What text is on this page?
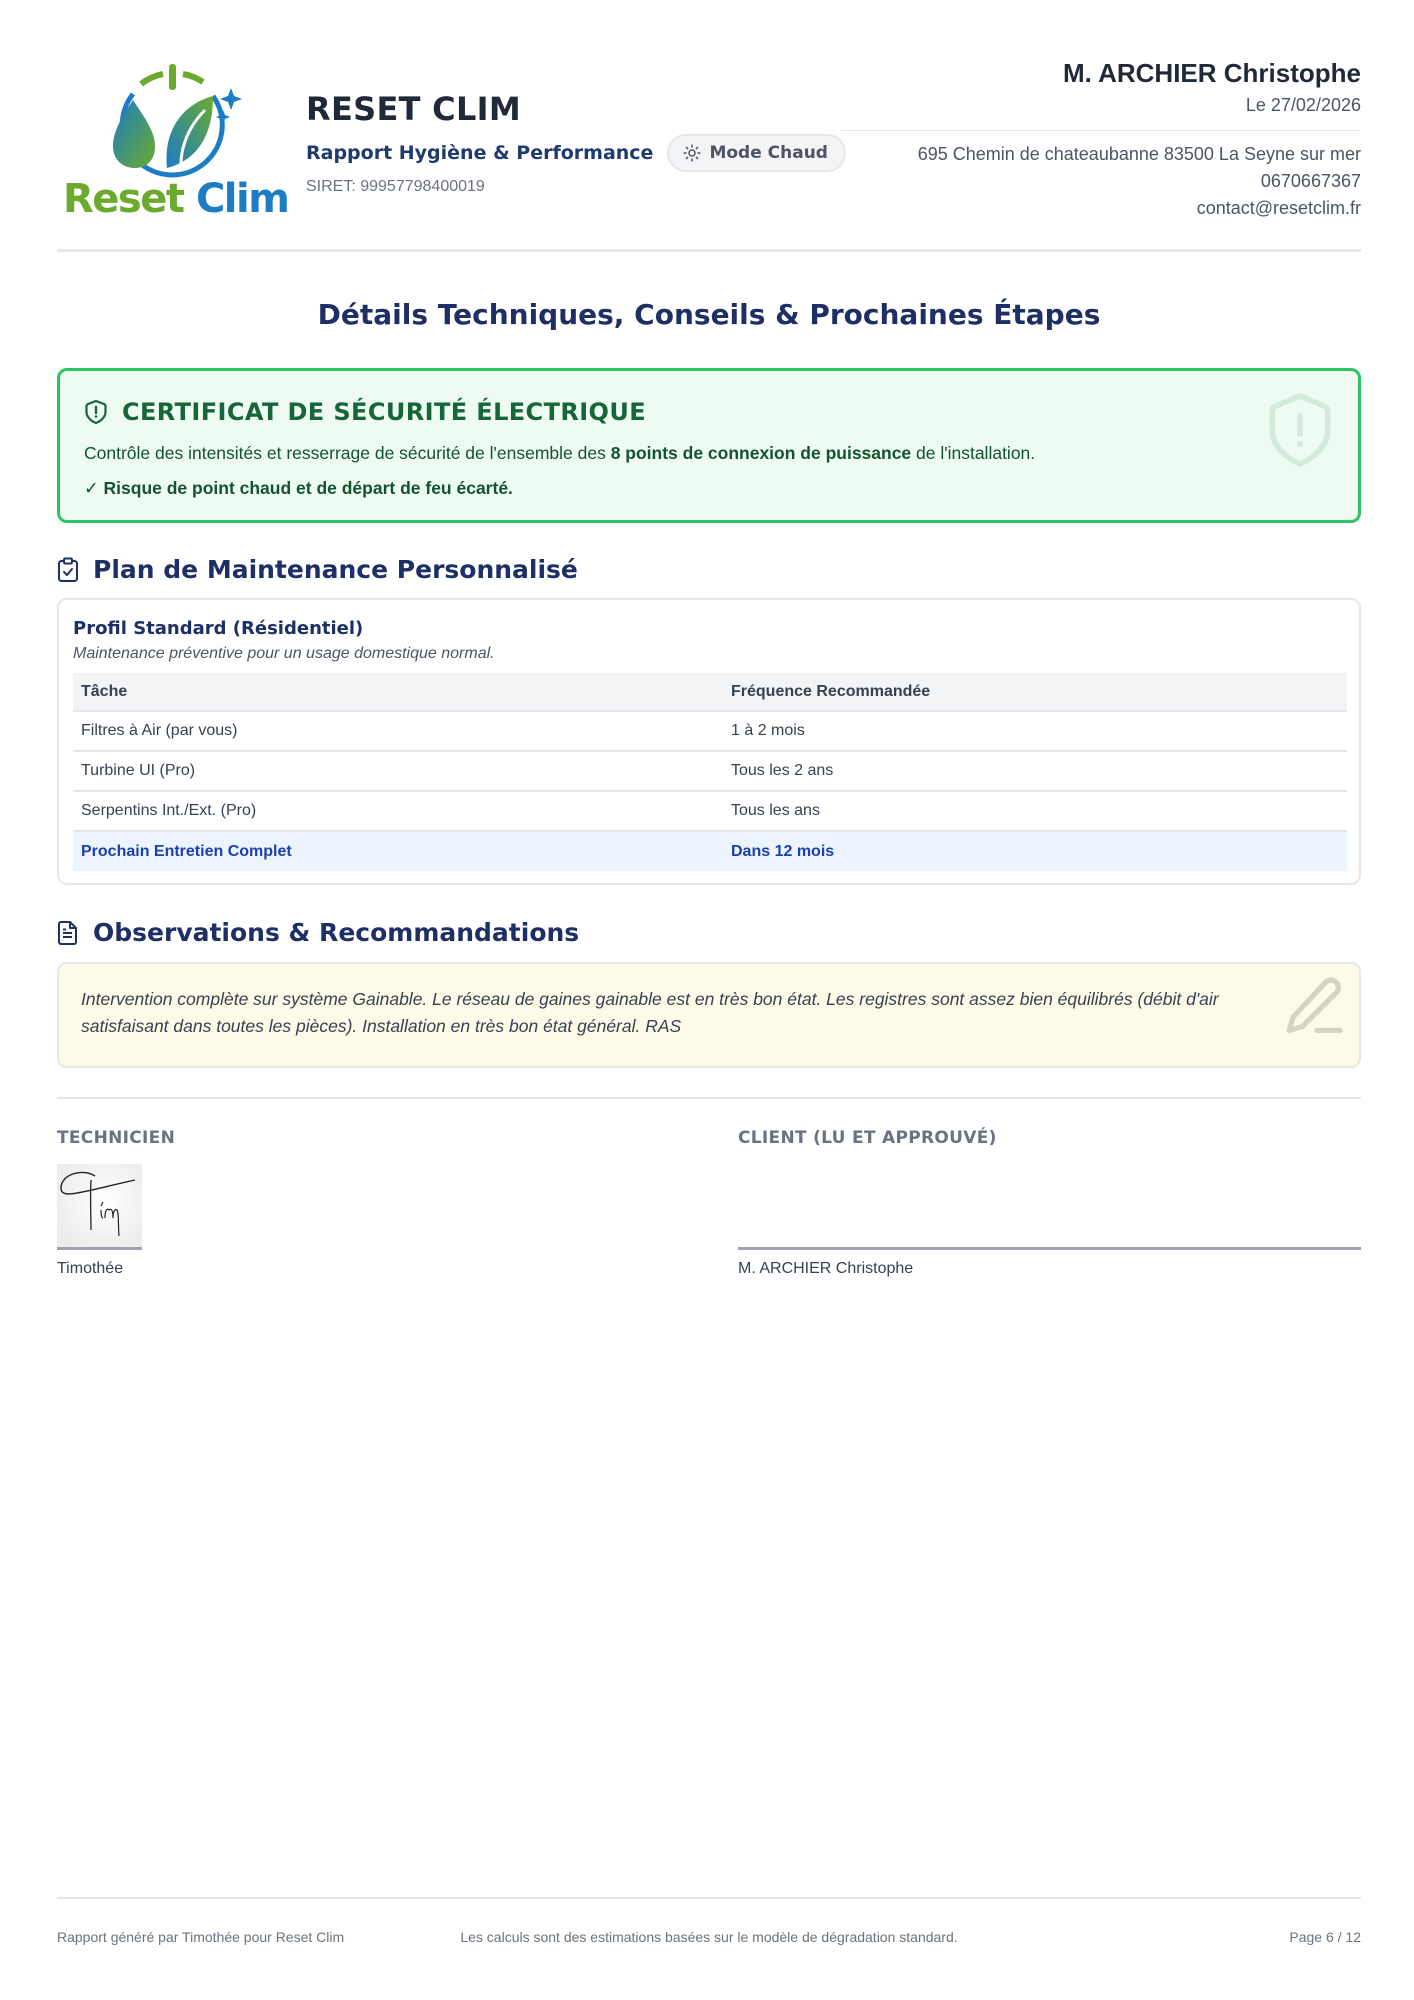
Reset Clim
RESET CLIM
Rapport Hygiène & Performance	Mode Chaud
SIRET: 99957798400019
M. ARCHIER Christophe
Le 27/02/2026
695 Chemin de chateaubanne 83500 La Seyne sur mer
0670667367
contact@resetclim.fr
Détails Techniques, Conseils & Prochaines Étapes
CERTIFICAT DE SÉCURITÉ ÉLECTRIQUE
Contrôle des intensités et resserrage de sécurité de l'ensemble des 8 points de connexion de puissance de l'installation.
✓ Risque de point chaud et de départ de feu écarté.
Plan de Maintenance Personnalisé
Profil Standard (Résidentiel)
Maintenance préventive pour un usage domestique normal.
Tâche	Fréquence Recommandée
Filtres à Air (par vous)	1 à 2 mois
Turbine UI (Pro)	Tous les 2 ans
Serpentins Int./Ext. (Pro)	Tous les ans
Prochain Entretien Complet	Dans 12 mois
Observations & Recommandations
Intervention complète sur système Gainable. Le réseau de gaines gainable est en très bon état. Les registres sont assez bien équilibrés (débit d'air satisfaisant dans toutes les pièces). Installation en très bon état général. RAS
TECHNICIEN
Timothée
CLIENT (LU ET APPROUVÉ)
M. ARCHIER Christophe
Rapport généré par Timothée pour Reset Clim	Les calculs sont des estimations basées sur le modèle de dégradation standard.	Page 6 / 12
